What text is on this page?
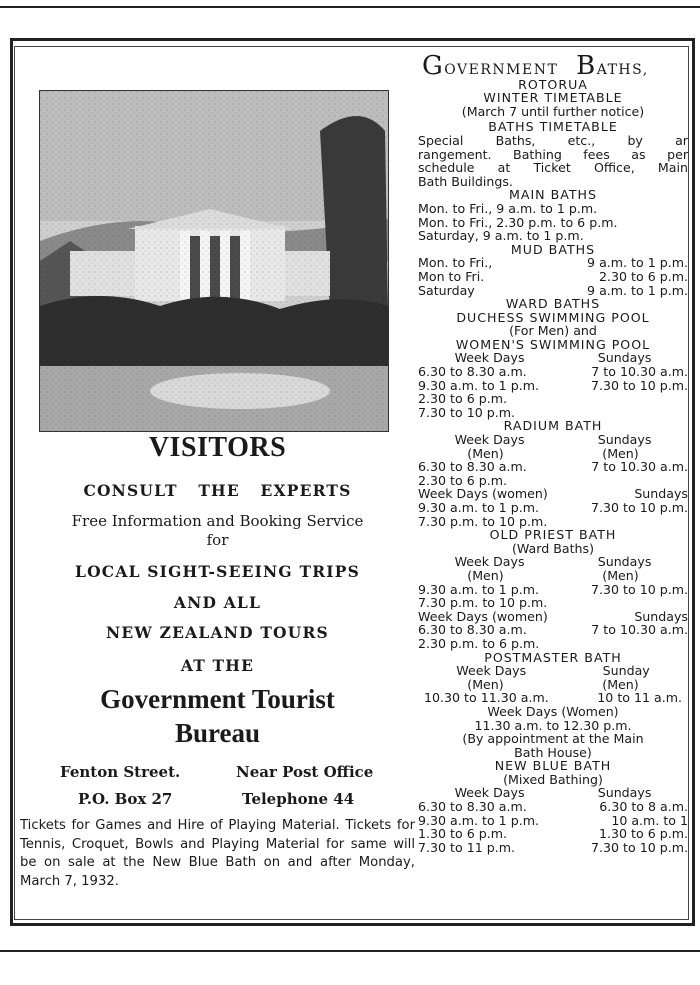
VISITORS
CONSULT THE EXPERTS
Free Information and Booking Service
for
LOCAL SIGHT-SEEING TRIPS
AND ALL
NEW ZEALAND TOURS
AT THE
Government Tourist
Bureau
Fenton Street.	Near Post Office
P.O. Box 27	Telephone 44
Tickets for Games and Hire of Playing Material. Tickets for Tennis, Croquet, Bowls and Playing Material for same will be on sale at the New Blue Bath on and after Monday, March 7, 1932.
GOVERNMENT BATHS,
ROTORUA
WINTER TIMETABLE
(March 7 until further notice)
BATHS TIMETABLE
Special Baths, etc., by ar
rangement. Bathing fees as per
schedule at Ticket Office, Main
Bath Buildings.
MAIN BATHS
Mon. to Fri., 9 a.m. to 1 p.m.
Mon. to Fri., 2.30 p.m. to 6 p.m.
Saturday, 9 a.m. to 1 p.m.
MUD BATHS
Mon. to Fri.,	9 a.m. to 1 p.m.
Mon to Fri.	2.30 to 6 p.m.
Saturday	9 a.m. to 1 p.m.
WARD BATHS
DUCHESS SWIMMING POOL
(For Men) and
WOMEN'S SWIMMING POOL
Week Days	Sundays
6.30 to 8.30 a.m.	7 to 10.30 a.m.
9.30 a.m. to 1 p.m.	7.30 to 10 p.m.
2.30 to 6 p.m.
7.30 to 10 p.m.
RADIUM BATH
Week Days	Sundays
(Men)	(Men)
6.30 to 8.30 a.m.	7 to 10.30 a.m.
2.30 to 6 p.m.
Week Days (women)	Sundays
9.30 a.m. to 1 p.m.	7.30 to 10 p.m.
7.30 p.m. to 10 p.m.
OLD PRIEST BATH
(Ward Baths)
Week Days	Sundays
(Men)	(Men)
9.30 a.m. to 1 p.m.	7.30 to 10 p.m.
7.30 p.m. to 10 p.m.
Week Days (women)	Sundays
6.30 to 8.30 a.m.	7 to 10.30 a.m.
2.30 p.m. to 6 p.m.
POSTMASTER BATH
Week Days	Sunday
(Men)	(Men)
10.30 to 11.30 a.m.	10 to 11 a.m.
Week Days (Women)
11.30 a.m. to 12.30 p.m.
(By appointment at the Main
Bath House)
NEW BLUE BATH
(Mixed Bathing)
Week Days	Sundays
6.30 to 8.30 a.m.	6.30 to 8 a.m.
9.30 a.m. to 1 p.m.	10 a.m. to 1
1.30 to 6 p.m.	1.30 to 6 p.m.
7.30 to 11 p.m.	7.30 to 10 p.m.
